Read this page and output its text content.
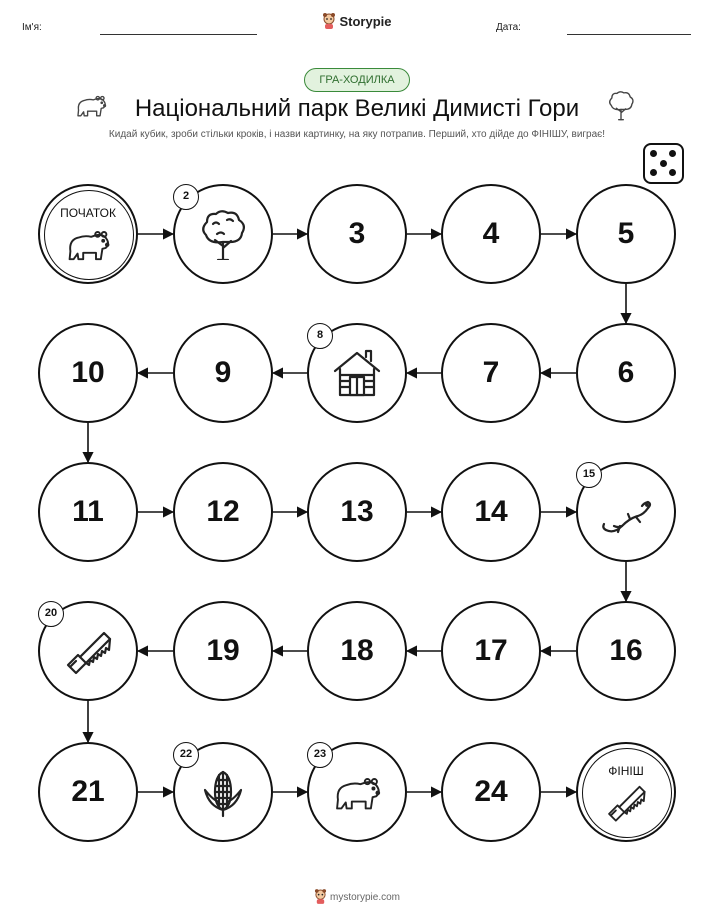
Ім'я:	Storypie	Дата:
ГРА-ХОДИЛКА
Національний парк Великі Димисті Гори
Кидай кубик, зроби стільки кроків, і назви картинку, на яку потрапив. Перший, хто дійде до ФІНІШУ, виграє!
ПОЧАТОК
ФІНІШ
2
3	4	5
6
7
8
9
10
11	12	13	14
15
16
17
18
19
20
21
22	23
24
mystorypie.com
